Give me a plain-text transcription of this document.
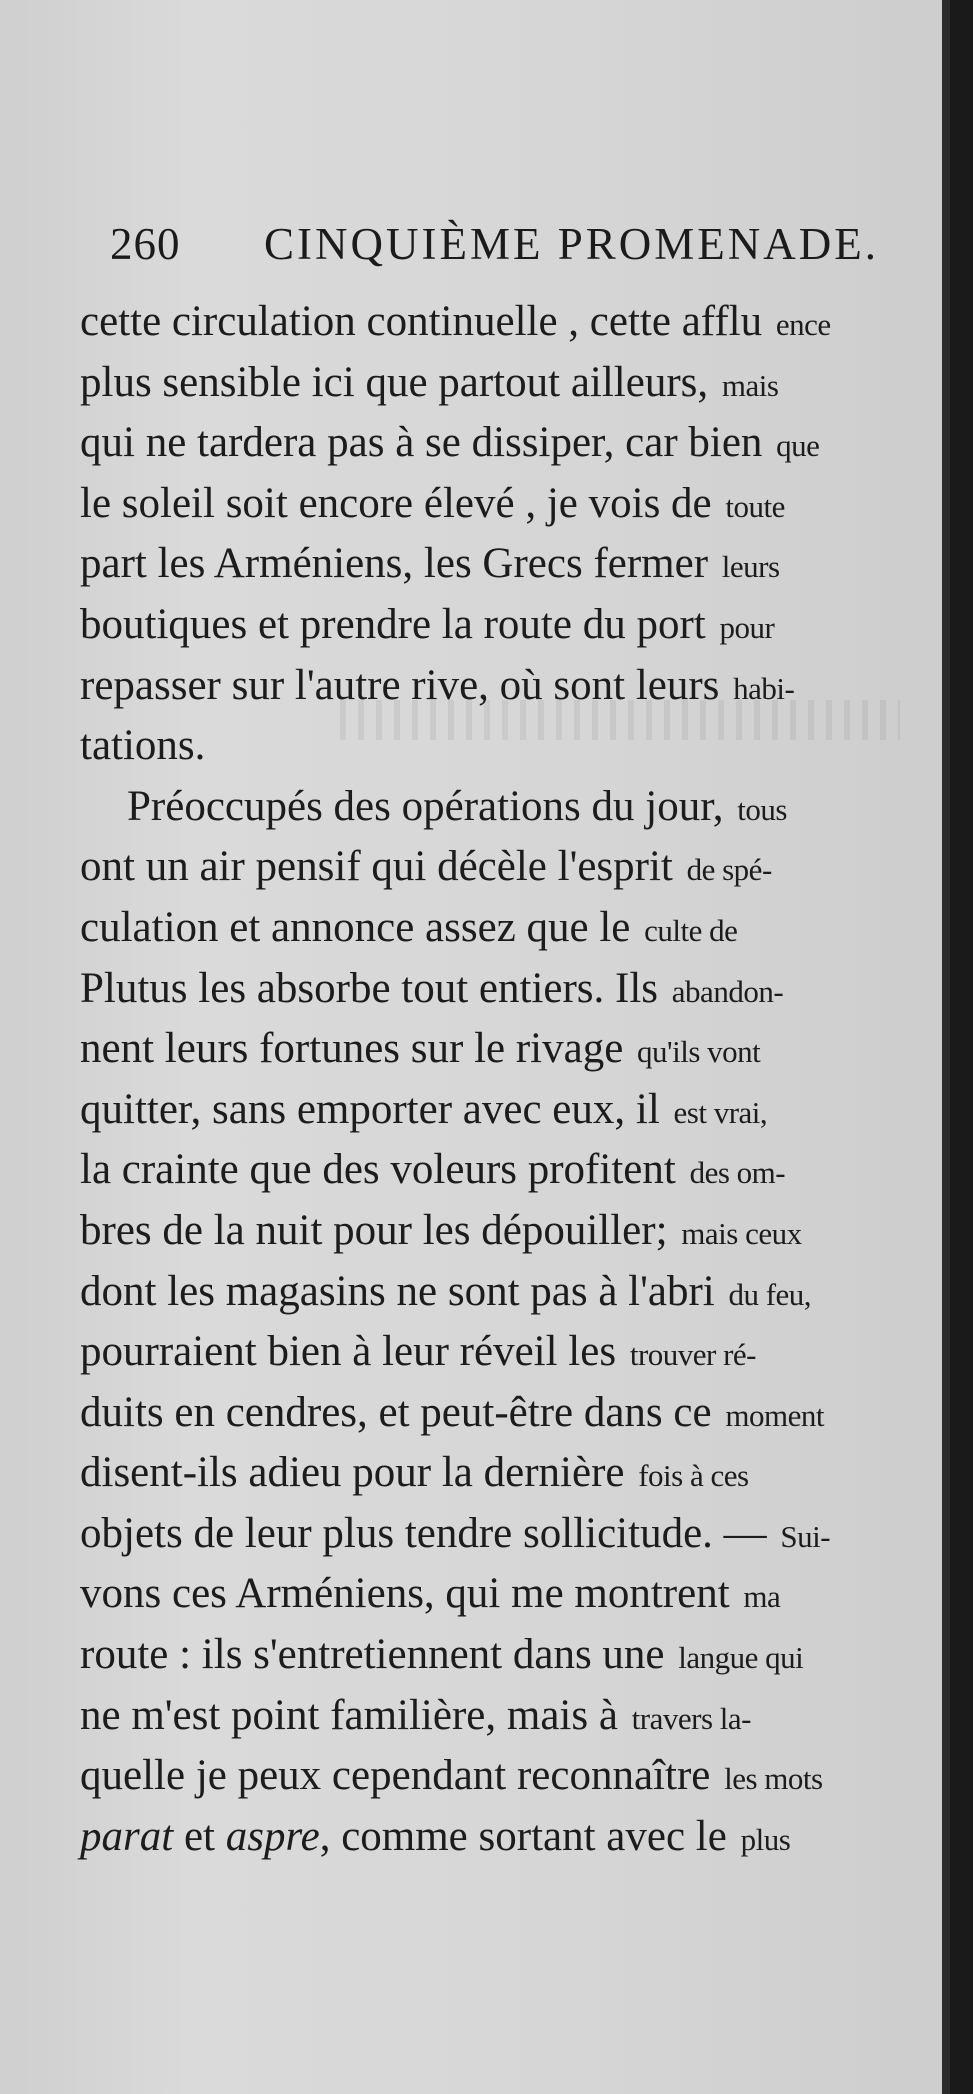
260 CINQUIÈME PROMENADE.
cette circulation continuelle , cette afflu ence
plus sensible ici que partout ailleurs, mais
qui ne tardera pas à se dissiper, car bien que
le soleil soit encore élevé , je vois de toute
part les Arméniens, les Grecs fermer leurs
boutiques et prendre la route du port pour
repasser sur l'autre rive, où sont leurs habi-
tations.
Préoccupés des opérations du jour, tous
ont un air pensif qui décèle l'esprit de spé-
culation et annonce assez que le culte de
Plutus les absorbe tout entiers. Ils abandon-
nent leurs fortunes sur le rivage qu'ils vont
quitter, sans emporter avec eux, il est vrai,
la crainte que des voleurs profitent des om-
bres de la nuit pour les dépouiller; mais ceux
dont les magasins ne sont pas à l'abri du feu,
pourraient bien à leur réveil les trouver ré-
duits en cendres, et peut-être dans ce moment
disent-ils adieu pour la dernière fois à ces
objets de leur plus tendre sollicitude. — Sui-
vons ces Arméniens, qui me montrent ma
route : ils s'entretiennent dans une langue qui
ne m'est point familière, mais à travers la-
quelle je peux cependant reconnaître les mots
parat et aspre, comme sortant avec le plus
